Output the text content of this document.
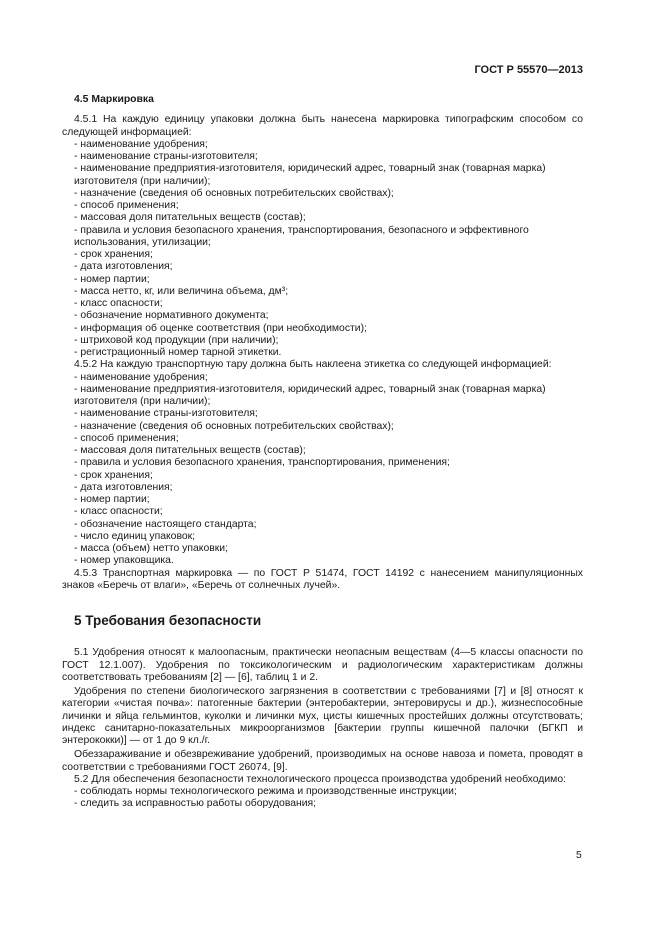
ГОСТ Р 55570—2013
4.5 Маркировка
4.5.1 На каждую единицу упаковки должна быть нанесена маркировка типографским способом со следующей информацией:
- наименование удобрения;
- наименование страны-изготовителя;
- наименование предприятия-изготовителя, юридический адрес, товарный знак (товарная марка) изготовителя (при наличии);
- назначение (сведения об основных потребительских свойствах);
- способ применения;
- массовая доля питательных веществ (состав);
- правила и условия безопасного хранения, транспортирования, безопасного и эффективного использования, утилизации;
- срок хранения;
- дата изготовления;
- номер партии;
- масса нетто, кг, или величина объема, дм³;
- класс опасности;
- обозначение нормативного документа;
- информация об оценке соответствия (при необходимости);
- штриховой код продукции (при наличии);
- регистрационный номер тарной этикетки.
4.5.2 На каждую транспортную тару должна быть наклеена этикетка со следующей информацией:
- наименование удобрения;
- наименование предприятия-изготовителя, юридический адрес, товарный знак (товарная марка) изготовителя (при наличии);
- наименование страны-изготовителя;
- назначение (сведения об основных потребительских свойствах);
- способ применения;
- массовая доля питательных веществ (состав);
- правила и условия безопасного хранения, транспортирования, применения;
- срок хранения;
- дата изготовления;
- номер партии;
- класс опасности;
- обозначение настоящего стандарта;
- число единиц упаковок;
- масса (объем) нетто упаковки;
- номер упаковщика.
4.5.3 Транспортная маркировка — по ГОСТ Р 51474, ГОСТ 14192 с нанесением манипуляционных знаков «Беречь от влаги», «Беречь от солнечных лучей».
5 Требования безопасности
5.1 Удобрения относят к малоопасным, практически неопасным веществам (4—5 классы опасности по ГОСТ 12.1.007). Удобрения по токсикологическим и радиологическим характеристикам должны соответствовать требованиям [2] — [6], таблиц 1 и 2.
Удобрения по степени биологического загрязнения в соответствии с требованиями [7] и [8] относят к категории «чистая почва»: патогенные бактерии (энтеробактерии, энтеровирусы и др.), жизнеспособные личинки и яйца гельминтов, куколки и личинки мух, цисты кишечных простейших должны отсутствовать; индекс санитарно-показательных микроорганизмов [бактерии группы кишечной палочки (БГКП и энтерококки)] — от 1 до 9 кл./г.
Обеззараживание и обезвреживание удобрений, производимых на основе навоза и помета, проводят в соответствии с требованиями ГОСТ 26074, [9].
5.2 Для обеспечения безопасности технологического процесса производства удобрений необходимо:
- соблюдать нормы технологического режима и производственные инструкции;
- следить за исправностью работы оборудования;
5
